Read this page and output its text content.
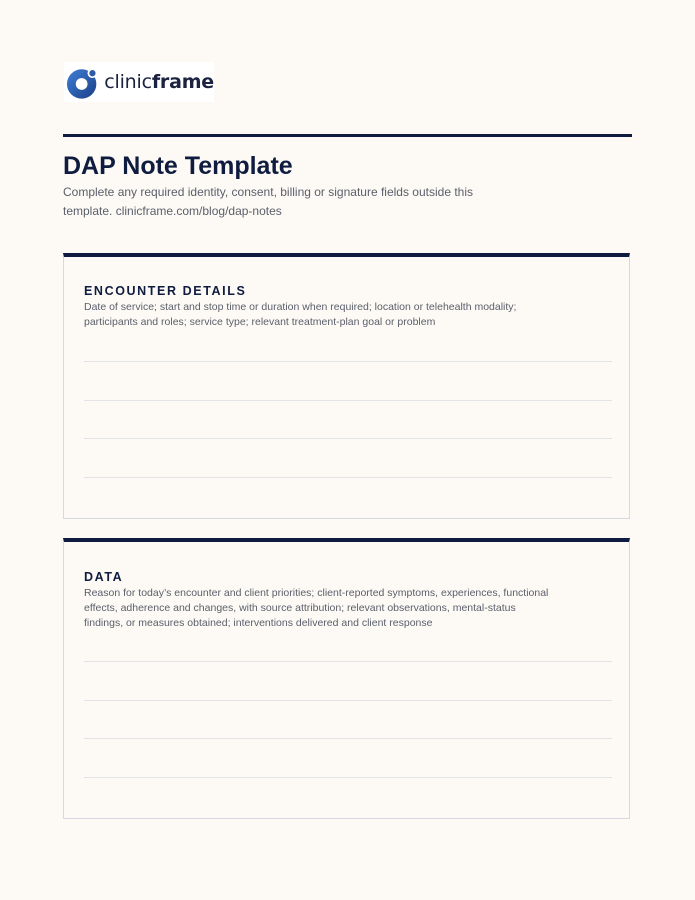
clinicframe
DAP Note Template

Complete any required identity, consent, billing or signature fields outside this template. clinicframe.com/blog/dap-notes

ENCOUNTER DETAILS

Date of service; start and stop time or duration when required; location or telehealth modality; participants and roles; service type; relevant treatment-plan goal or problem

DATA

Reason for today’s encounter and client priorities; client-reported symptoms, experiences, functional effects, adherence and changes, with source attribution; relevant observations, mental-status findings, or measures obtained; interventions delivered and client response
